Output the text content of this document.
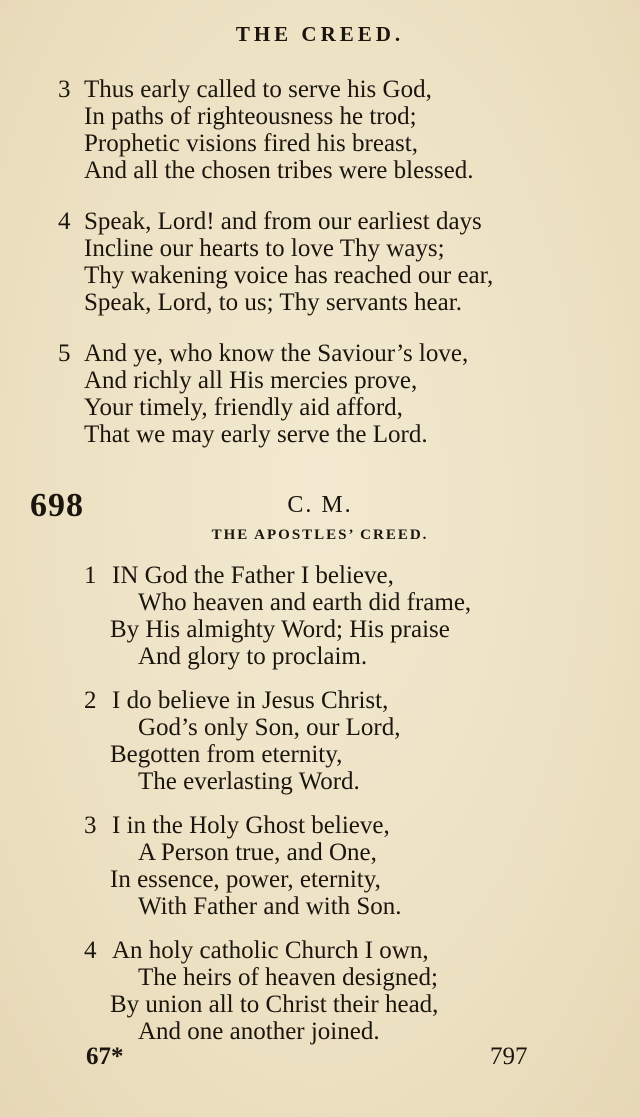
THE CREED.
3 Thus early called to serve his God,
In paths of righteousness he trod;
Prophetic visions fired his breast,
And all the chosen tribes were blessed.
4 Speak, Lord! and from our earliest days
Incline our hearts to love Thy ways;
Thy wakening voice has reached our ear,
Speak, Lord, to us; Thy servants hear.
5 And ye, who know the Saviour’s love,
And richly all His mercies prove,
Your timely, friendly aid afford,
That we may early serve the Lord.
698	C. M.
THE APOSTLES’ CREED.
1 IN God the Father I believe,
Who heaven and earth did frame,
By His almighty Word; His praise
And glory to proclaim.
2 I do believe in Jesus Christ,
God’s only Son, our Lord,
Begotten from eternity,
The everlasting Word.
3 I in the Holy Ghost believe,
A Person true, and One,
In essence, power, eternity,
With Father and with Son.
4 An holy catholic Church I own,
The heirs of heaven designed;
By union all to Christ their head,
And one another joined.
67*	797
